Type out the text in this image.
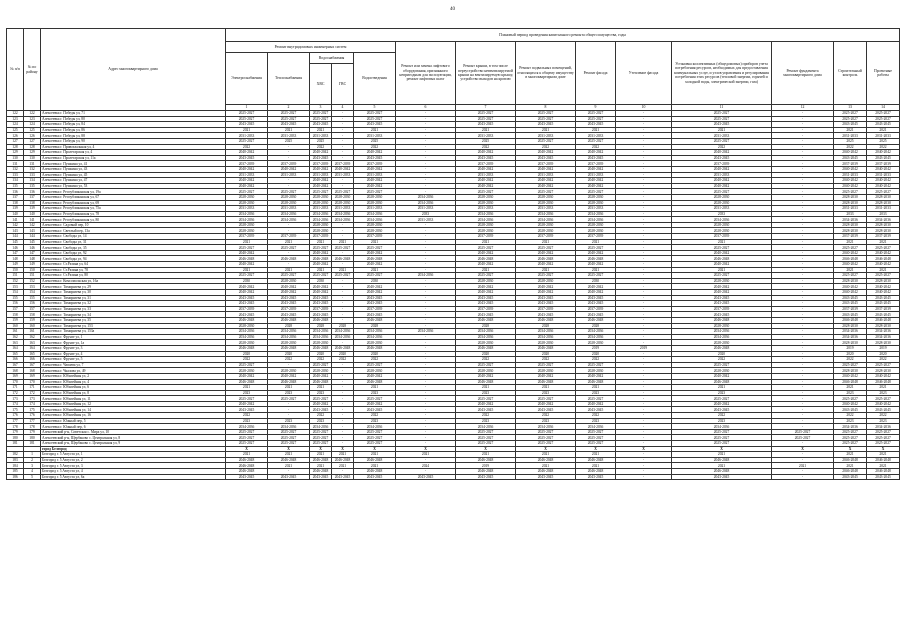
40
№ п/п	№ по району	Адрес многоквартирного дома	Плановый период проведения капитального ремонта общего имущества, годы														
			Ремонт внутридомовых инженерных систем					Ремонт или замена лифтового оборудования, признанного непригодным для эксплуатации, ремонт лифтовых шахт	Ремонт крыши, в том числе переустройство невентилируемой крыши на вентилируемую крышу, устройство выходов на кровлю	Ремонт подвальных помещений, относящихся к общему имуществу в многоквартирном доме	Ремонт фасада	Утепление фасада	Установка коллективных (общедомовых) приборов учета потребления ресурсов, необходимых для предоставления коммунальных услуг, и узлов управления и регулирования потребления этих ресурсов (тепловой энергии, горячей и холодной воды, электрической энергии, газа)	Ремонт фундамента многоквартирного дома	Строительный контроль	Проектные работы	
			Электроснабжения	Теплоснабжения	Водоснабжения		Водоотведения										
					ХВС	ГВС											
			1	2	3	4	5	6	7	8	9	10	11	12	13	14			
122	122	Алексеевка г. Победы ул, 71	2025-2027	2025-2027	2025-2027	-	2025-2027	-	2025-2027	2025-2027	2025-2027	-	2025-2027	-	2025-2027	2025-2027	
123	123	Алексеевка г. Победы ул, 80	2025-2027	2025-2027	2025-2027	-	2025-2027	-	2025-2027	2025-2027	2025-2027	-	2025-2027	-	2025-2027	2025-2027	
124	124	Алексеевка г. Победы ул, 84	2043-2045	2043-2045	2043-2045	-	2043-2045	-	2043-2045	2043-2045	2043-2045	-	2043-2045	-	2043-2045	2043-2045	
125	125	Алексеевка г. Победы ул, 86	2021	2021	2021	-	2021	-	2021	2021	2021	-	2021	-	2021	2021	
126	126	Алексеевка г. Победы ул, 88	2031-2033	2031-2033	2031-2033	-	2031-2033	-	2031-2033	2031-2033	2031-2033	-	2031-2033	-	2031-2033	2031-2033	
127	127	Алексеевка г. Победы ул, 90	2025-2027	2025	2025	-	2025	-	2025	2025-2027	2025-2027	-	2025-2027	-	2025	2025	
128	128	Алексеевка г. Привокзальная ул, 4	2022	-	2022	-	2022	-	2022	2022	2022	-	2022	-	2022	2022	
129	129	Алексеевка г. Пролетарская ул, 4	2040-2042	-	2040-2042	-	2040-2042	-	2040-2042	2040-2042	2040-2042	-	2040-2042	-	2040-2042	2040-2042	
130	130	Алексеевка г. Пролетарская ул, 11а	2043-2045	-	2043-2045	-	2043-2045	-	2043-2045	2043-2045	2043-2045	-	2043-2045	-	2043-2045	2043-2045	
131	131	Алексеевка г. Пушкина ул, 41	2037-2039	2037-2039	2037-2039	2037-2039	2037-2039	-	2037-2039	2037-2039	2037-2039	-	2037-2039	-	2037-2039	2037-2039	
132	132	Алексеевка г. Пушкина ул, 43	2040-2042	2040-2042	2040-2042	2040-2042	2040-2042	-	2040-2042	2040-2042	2040-2042	-	2040-2042	-	2040-2042	2040-2042	
133	133	Алексеевка г. Пушкина ул, 45	2031-2033	2031-2033	2031-2033	2031-2033	2031-2033	-	2031-2033	2031-2033	2031-2033	-	2031-2033	-	2031-2033	2031-2033	
134	134	Алексеевка г. Пушкина ул, 47	2040-2042	-	2040-2042	-	2040-2042	-	2040-2042	2040-2042	2040-2042	-	2040-2042	-	2040-2042	2040-2042	
135	135	Алексеевка г. Пушкина ул, 53	2040-2042	-	2040-2042	-	2040-2042	-	2040-2042	2040-2042	2040-2042	-	2040-2042	-	2040-2042	2040-2042	
136	136	Алексеевка г. Республиканская ул, 19а	2025-2027	2025-2027	2025-2027	2025-2027	2025-2027	-	2025-2027	2025-2027	2025-2027	-	2025-2027	-	2025-2027	2025-2027	
137	137	Алексеевка г. Республиканская ул, 67	2028-2030	2028-2030	2028-2030	2028-2030	2028-2030	2034-2036	2028-2030	2028-2030	2028-2030	-	2028-2030	-	2028-2030	2028-2030	
138	138	Алексеевка г. Республиканская ул, 69	2028-2030	2028-2030	2028-2030	2028-2030	2028-2030	2034-2036	2028-2030	2028-2030	2028-2030	-	2028-2030	-	2028-2030	2028-2030	
139	139	Алексеевка г. Республиканская ул, 75а	2031-2033	2031-2033	2031-2033	2031-2033	2031-2033	2031-2033	2031-2033	2031-2033	2031-2033	-	2031-2033	-	2031-2033	2031-2033	
140	140	Алексеевка г. Республиканская ул, 78	2034-2036	2034-2036	2034-2036	2034-2036	2034-2036	2033	2034-2036	2034-2036	2034-2036	-	2033	-	2033	2033	
141	141	Алексеевка г. Республиканская ул, 80	2034-2036	2034-2036	2034-2036	2034-2036	2034-2036	2031-2033	2034-2036	2034-2036	2034-2036	-	2034-2036	-	2034-2036	2034-2036	
142	142	Алексеевка г. Садовый пер, 10	2028-2030	-	2028-2030	-	2028-2030	-	2028-2030	2028-2030	2028-2030	-	2028-2030	-	2028-2030	2028-2030	
143	143	Алексеевка г. Светлый пер, 13а	2028-2030	-	2028-2030	-	2028-2030	-	2028-2030	2028-2030	2028-2030	-	2028-2030	-	2028-2030	2028-2030	
144	144	Алексеевка г. Свободы ул, 14	2037-2039	2037-2039	2037-2039	-	2037-2039	-	2037-2039	2037-2039	2037-2039	-	2037-2039	-	2037-2039	2037-2039	
145	145	Алексеевка г. Свободы ул, 31	2021	2021	2021	2021	2021	-	2021	2021	2021	-	2021	-	2021	2021	
146	146	Алексеевка г. Свободы ул, 35	2025-2027	2025-2027	2025-2027	2025-2027	2025-2027	-	2025-2027	2025-2027	2025-2027	-	2025-2027	-	2025-2027	2025-2027	
147	147	Алексеевка г. Свободы ул, 92	2040-2042	-	2040-2042	-	2040-2042	-	2040-2042	2040-2042	2040-2042	-	2040-2042	-	2040-2042	2040-2042	
148	148	Алексеевка г. Свободы ул, 94	2046-2048	2046-2048	2046-2048	2046-2048	2046-2048	-	2046-2048	2046-2048	2046-2048	-	2046-2048	-	2046-2048	2046-2048	
149	149	Алексеевка г. Ст.Разина ул, 64	2040-2042	-	2040-2042	-	2040-2042	-	2040-2042	2040-2042	2040-2042	-	2040-2042	-	2040-2042	2040-2042	
150	150	Алексеевка г. Ст.Разина ул, 78	2021	2021	2021	2021	2021	-	2021	2021	2021	-	2021	-	2021	2021	
151	151	Алексеевка г. Ст.Разина ул, 80	2025-2027	2025-2027	2025-2027	2025-2027	2025-2027	2034-2036	2025-2027	2025-2027	2025-2027	-	2025-2027	-	2025-2027	2025-2027	
152	152	Алексеевка г. Комсомольская ул, 16а	2030	2028-2030	2030	-	2030	-	2028-2030	2028-2030	2030	-	2028-2030	-	2028-2030	2028-2030	
153	153	Алексеевка г. Тимирязева ул, 29	2040-2042	2040-2042	2040-2042	-	2040-2042	-	2040-2042	2040-2042	2040-2042	-	2040-2042	-	2040-2042	2040-2042	
154	154	Алексеевка г. Тимирязева ул, 30	2040-2042	2040-2042	2040-2042	-	2040-2042	-	2040-2042	2040-2042	2040-2042	-	2040-2042	-	2040-2042	2040-2042	
155	155	Алексеевка г. Тимирязева ул, 31	2043-2045	2043-2045	2043-2045	-	2043-2045	-	2043-2045	2043-2045	2043-2045	-	2043-2045	-	2043-2045	2043-2045	
156	156	Алексеевка г. Тимирязева ул, 32	2043-2045	2043-2045	2043-2045	-	2043-2045	-	2043-2045	2043-2045	2043-2045	-	2043-2045	-	2043-2045	2043-2045	
157	157	Алексеевка г. Тимирязева ул, 33	2037-2039	2037-2039	2037-2039	-	2037-2039	-	2037-2039	2037-2039	2037-2039	-	2037-2039	-	2037-2039	2037-2039	
158	158	Алексеевка г. Тимирязева ул, 34	2043-2045	2043-2045	2043-2045	-	2043-2045	-	2043-2045	2043-2045	2043-2045	-	2043-2045	-	2043-2045	2043-2045	
159	159	Алексеевка г. Тимирязева ул, 35	2046-2048	2046-2048	2046-2048	-	2046-2048	-	2046-2048	2046-2048	2046-2048	-	2046-2048	-	2046-2048	2046-2048	
160	160	Алексеевка г. Тимирязева ул, 153	2028-2030	2028	2028	2028	2028	-	2028	2028	2028	-	2028-2030	-	2028-2030	2028-2030	
161	161	Алексеевка г. Тимирязева ул, 153а	2034-2036	2034-2036	2034-2036	2034-2036	2034-2036	2034-2036	2034-2036	2034-2036	2034-2036	-	2034-2036	-	2034-2036	2034-2036	
162	162	Алексеевка г. Фрунзе ул, 1	2034-2036	2034-2036	2034-2036	2034-2036	2034-2036	-	2034-2036	2034-2036	2034-2036	-	2034-2036	-	2034-2036	2034-2036	
163	163	Алексеевка г. Фрунзе ул, 1а	2028-2030	2028-2030	2028-2030	-	2028-2030	-	2028-2030	2028-2030	2028-2030	-	2028-2030	-	2028-2030	2028-2030	
164	164	Алексеевка г. Фрунзе ул, 3	2046-2048	2046-2048	2046-2048	2046-2048	2046-2048	-	2046-2048	2046-2048	2019	2019	2046-2048	-	2019	2019	
165	165	Алексеевка г. Фрунзе ул, 4	2020	2020	2020	2020	2020	-	2020	2020	2020	-	2020	-	2020	2020	
166	166	Алексеевка г. Фрунзе ул, 5	2022	2022	2022	2022	2022	-	2022	2022	2022	-	2022	-	2022	2022	
167	167	Алексеевка г. Чапаева ул, 7	2025-2027	-	2025-2027	-	2025-2027	-	2025-2027	2025-2027	2025-2027	-	2025-2027	-	2025-2027	2025-2027	
168	168	Алексеевка г. Чкалова ул, 49	2028-2030	2028-2030	2028-2030	-	2028-2030	-	2028-2030	2028-2030	2028-2030	-	2028-2030	-	2028-2030	2028-2030	
169	169	Алексеевка г. Юбилейная ул, 2	2040-2042	2040-2042	2040-2042	-	2040-2042	-	2040-2042	2040-2042	2040-2042	-	2040-2042	-	2040-2042	2040-2042	
170	170	Алексеевка г. Юбилейная ул, 4	2046-2048	2046-2048	2046-2048	-	2046-2048	-	2046-2048	2046-2048	2046-2048	-	2046-2048	-	2046-2048	2046-2048	
171	171	Алексеевка г. Юбилейная ул, 6	2021	2021	2021	-	2021	-	2021	2021	2021	-	2021	-	2021	2021	
172	172	Алексеевка г. Юбилейная ул, 8	2023	2023	2023	-	2023	-	2023	2023	2023	-	2023	-	2023	2023	
173	173	Алексеевка г. Юбилейная ул, 11	2025-2027	2025-2027	2025-2027	-	2025-2027	-	2025-2027	2025-2027	2025-2027	-	2025-2027	-	2025-2027	2025-2027	
174	174	Алексеевка г. Юбилейная ул, 12	2040-2042	-	2040-2042	-	2040-2042	-	2040-2042	2040-2042	2040-2042	-	2040-2042	-	2040-2042	2040-2042	
175	175	Алексеевка г. Юбилейная ул, 14	2043-2045	-	2043-2045	-	2043-2045	-	2043-2045	2043-2045	2043-2045	-	2043-2045	-	2043-2045	2043-2045	
176	176	Алексеевка г. Юбилейная ул, 16	2022	-	2022	-	2022	-	2022	2022	2022	-	2022	-	2022	2022	
177	177	Алексеевка г. Южный пер, 5	2023	2023	2023	-	2023	-	2023	2023	2023	-	2023	-	2023	2023	
178	178	Алексеевка г. Южный пер, 6	2034-2036	2034-2036	2034-2036	-	2034-2036	-	2034-2036	2034-2036	2034-2036	-	2034-2036	-	2034-2036	2034-2036	
179	179	Алексеевский р-н, Советская с. Мира ул, 10	2025-2027	2025-2027	2025-2027	-	2025-2027	-	2025-2027	2025-2027	2025-2027	-	2025-2027	2025-2027	2025-2027	2025-2027	
180	180	Алексеевский р-н, Щербаково с. Центральная ул, 8	2025-2027	2025-2027	2025-2027	-	2025-2027	-	2025-2027	2025-2027	2025-2027	-	2025-2027	2025-2027	2025-2027	2025-2027	
181	181	Алексеевский р-н, Щербаково с. Центральная ул, 9	2025-2027	2025-2027	2025-2027	-	2025-2027	-	2025-2027	2025-2027	2025-2027	-	2025-2027	-	2025-2027	2025-2027	
		город Белгород	X	X	X	X	X	X	X	X	X	X	X	X	X	X	
182	1	Белгород г. 5 Августа ул, 1	2021	2021	2021	2021	2021	2021	2021	2021	2021	-	2021	-	2021	2021	
183	2	Белгород г. 5 Августа ул, 2	2046-2048	2046-2048	2046-2048	2046-2048	2046-2048	-	2046-2048	2046-2048	2046-2048	-	2046-2048	-	2046-2048	2046-2048	
184	3	Белгород г. 5 Августа ул, 3	2046-2048	2021	2021	2021	2021	2024	2019	2021	2021	-	2021	2021	2021	2021	
185	4	Белгород г. 5 Августа ул, 4	2046-2048	-	2046-2048	-	2046-2048	-	2046-2048	2046-2048	2046-2048	-	2046-2048	-	2046-2048	2046-2048	
186	5	Белгород г. 5 Августа ул, 6а	2043-2045	2043-2045	2043-2045	2043-2045	2043-2045	2043-2045	2043-2045	2043-2045	2043-2045	-	2043-2045	-	2043-2045	2043-2045	
